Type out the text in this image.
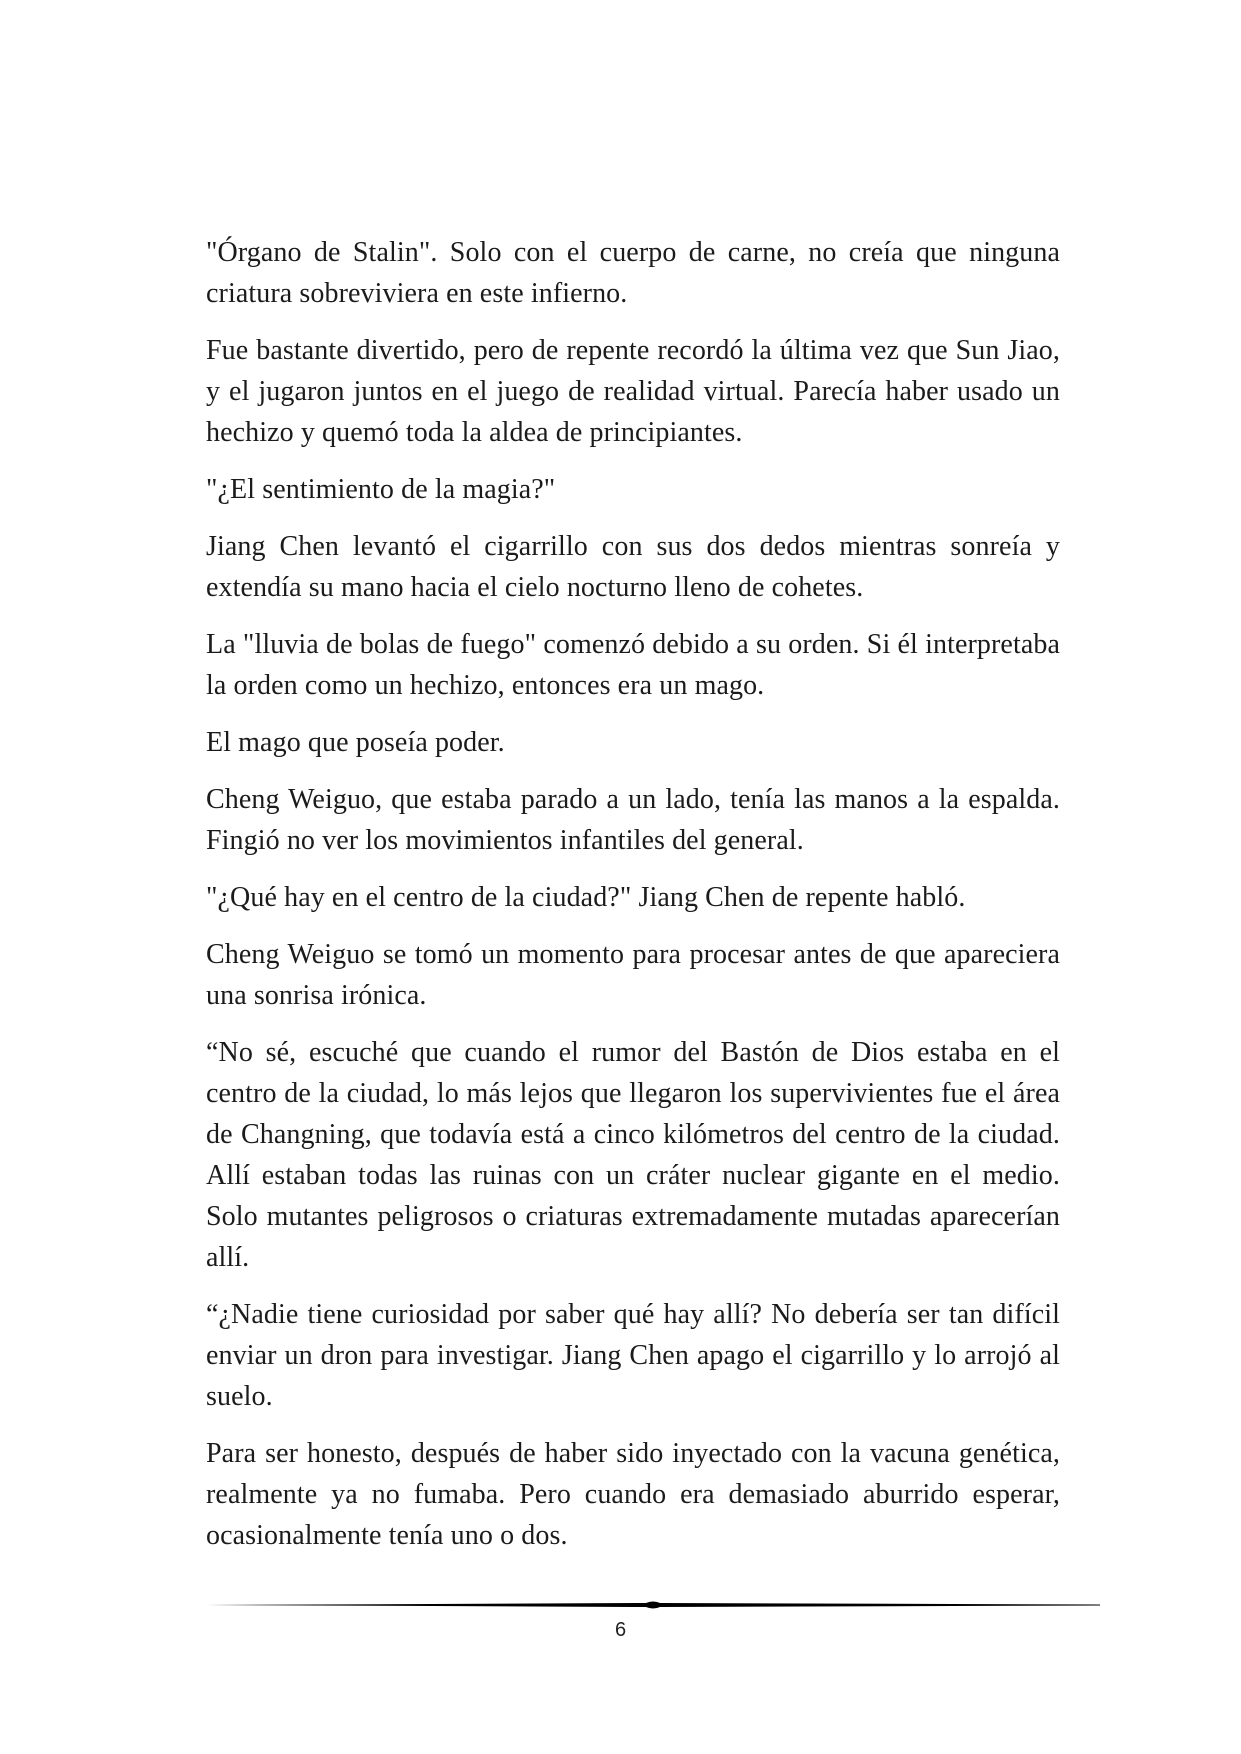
"Órgano de Stalin". Solo con el cuerpo de carne, no creía que ninguna criatura sobreviviera en este infierno.

Fue bastante divertido, pero de repente recordó la última vez que Sun Jiao, y el jugaron juntos en el juego de realidad virtual. Parecía haber usado un hechizo y quemó toda la aldea de principiantes.

"¿El sentimiento de la magia?"

Jiang Chen levantó el cigarrillo con sus dos dedos mientras sonreía y extendía su mano hacia el cielo nocturno lleno de cohetes.

La "lluvia de bolas de fuego" comenzó debido a su orden. Si él interpretaba la orden como un hechizo, entonces era un mago.

El mago que poseía poder.

Cheng Weiguo, que estaba parado a un lado, tenía las manos a la espalda. Fingió no ver los movimientos infantiles del general.

"¿Qué hay en el centro de la ciudad?" Jiang Chen de repente habló.

Cheng Weiguo se tomó un momento para procesar antes de que apareciera una sonrisa irónica.

“No sé, escuché que cuando el rumor del Bastón de Dios estaba en el centro de la ciudad, lo más lejos que llegaron los supervivientes fue el área de Changning, que todavía está a cinco kilómetros del centro de la ciudad. Allí estaban todas las ruinas con un cráter nuclear gigante en el medio. Solo mutantes peligrosos o criaturas extremadamente mutadas aparecerían allí.

“¿Nadie tiene curiosidad por saber qué hay allí? No debería ser tan difícil enviar un dron para investigar. Jiang Chen apago el cigarrillo y lo arrojó al suelo.

Para ser honesto, después de haber sido inyectado con la vacuna genética, realmente ya no fumaba. Pero cuando era demasiado aburrido esperar, ocasionalmente tenía uno o dos.

6
